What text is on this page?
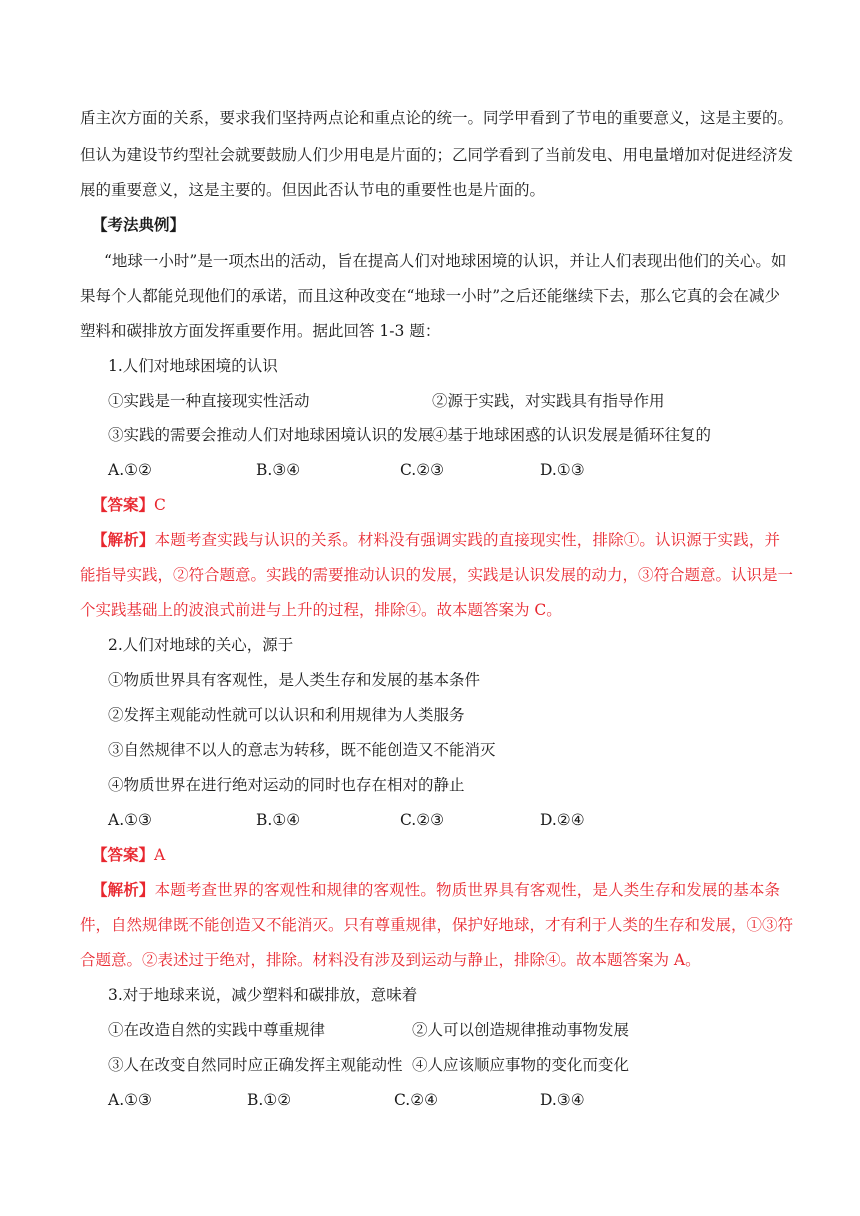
盾主次方面的关系，要求我们坚持两点论和重点论的统一。同学甲看到了节电的重要意义，这是主要的。
但认为建设节约型社会就要鼓励人们少用电是片面的；乙同学看到了当前发电、用电量增加对促进经济发
展的重要意义，这是主要的。但因此否认节电的重要性也是片面的。
【考法典例】
“地球一小时”是一项杰出的活动，旨在提高人们对地球困境的认识，并让人们表现出他们的关心。如
果每个人都能兑现他们的承诺，而且这种改变在“地球一小时”之后还能继续下去，那么它真的会在减少
塑料和碳排放方面发挥重要作用。据此回答 1-3 题：
1.人们对地球困境的认识
①实践是一种直接现实性活动	②源于实践，对实践具有指导作用
③实践的需要会推动人们对地球困境认识的发展
④基于地球困惑的认识发展是循环往复的
A.①②	B.③④	C.②③	D.①③
【答案】C
【解析】本题考查实践与认识的关系。材料没有强调实践的直接现实性，排除①。认识源于实践，并
能指导实践，②符合题意。实践的需要推动认识的发展，实践是认识发展的动力，③符合题意。认识是一
个实践基础上的波浪式前进与上升的过程，排除④。故本题答案为 C。
2.人们对地球的关心，源于
①物质世界具有客观性，是人类生存和发展的基本条件
②发挥主观能动性就可以认识和利用规律为人类服务
③自然规律不以人的意志为转移，既不能创造又不能消灭
④物质世界在进行绝对运动的同时也存在相对的静止
A.①③	B.①④	C.②③	D.②④
【答案】A
【解析】本题考查世界的客观性和规律的客观性。物质世界具有客观性，是人类生存和发展的基本条
件，自然规律既不能创造又不能消灭。只有尊重规律，保护好地球，才有利于人类的生存和发展，①③符
合题意。②表述过于绝对，排除。材料没有涉及到运动与静止，排除④。故本题答案为 A。
3.对于地球来说，减少塑料和碳排放，意味着
①在改造自然的实践中尊重规律	②人可以创造规律推动事物发展
③人在改变自然同时应正确发挥主观能动性 ④人应该顺应事物的变化而变化
A.①③	B.①②	C.②④	D.③④
